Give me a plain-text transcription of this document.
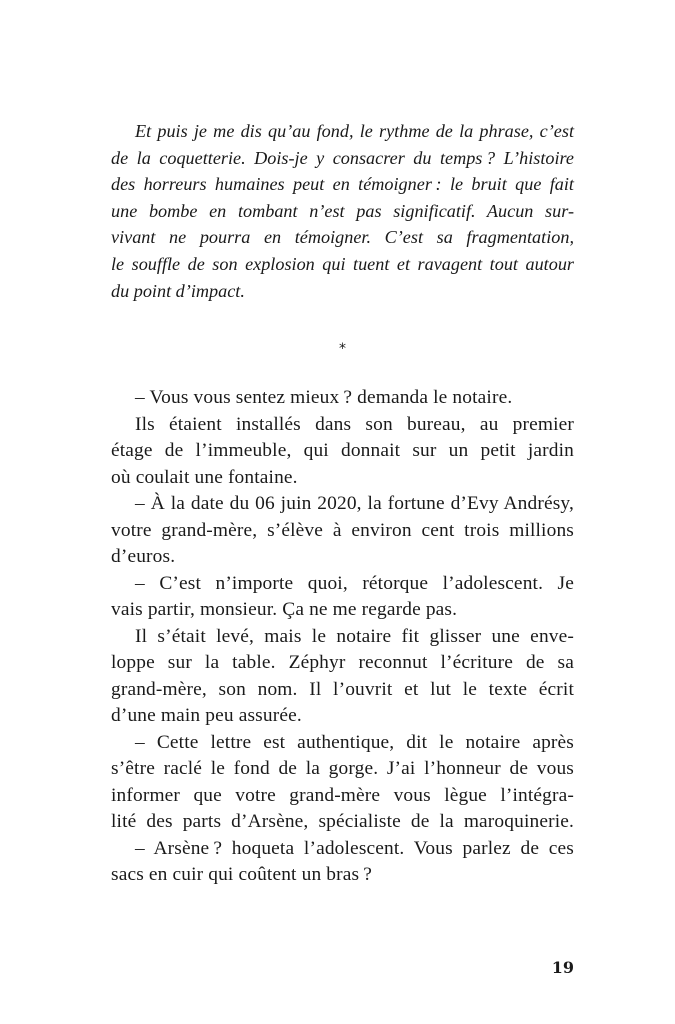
Et puis je me dis qu’au fond, le rythme de la phrase, c’est
de la coquetterie. Dois-je y consacrer du temps ? L’histoire
des horreurs humaines peut en témoigner : le bruit que fait
une bombe en tombant n’est pas significatif. Aucun sur-
vivant ne pourra en témoigner. C’est sa fragmentation,
le souffle de son explosion qui tuent et ravagent tout autour
du point d’impact.
*
– Vous vous sentez mieux ? demanda le notaire.
Ils étaient installés dans son bureau, au premier
étage de l’immeuble, qui donnait sur un petit jardin
où coulait une fontaine.
– À la date du 06 juin 2020, la fortune d’Evy Andrésy,
votre grand-mère, s’élève à environ cent trois millions
d’euros.
– C’est n’importe quoi, rétorque l’adolescent. Je
vais partir, monsieur. Ça ne me regarde pas.
Il s’était levé, mais le notaire fit glisser une enve-
loppe sur la table. Zéphyr reconnut l’écriture de sa
grand-mère, son nom. Il l’ouvrit et lut le texte écrit
d’une main peu assurée.
– Cette lettre est authentique, dit le notaire après
s’être raclé le fond de la gorge. J’ai l’honneur de vous
informer que votre grand-mère vous lègue l’intégra-
lité des parts d’Arsène, spécialiste de la maroquinerie.
– Arsène ? hoqueta l’adolescent. Vous parlez de ces
sacs en cuir qui coûtent un bras ?
19
